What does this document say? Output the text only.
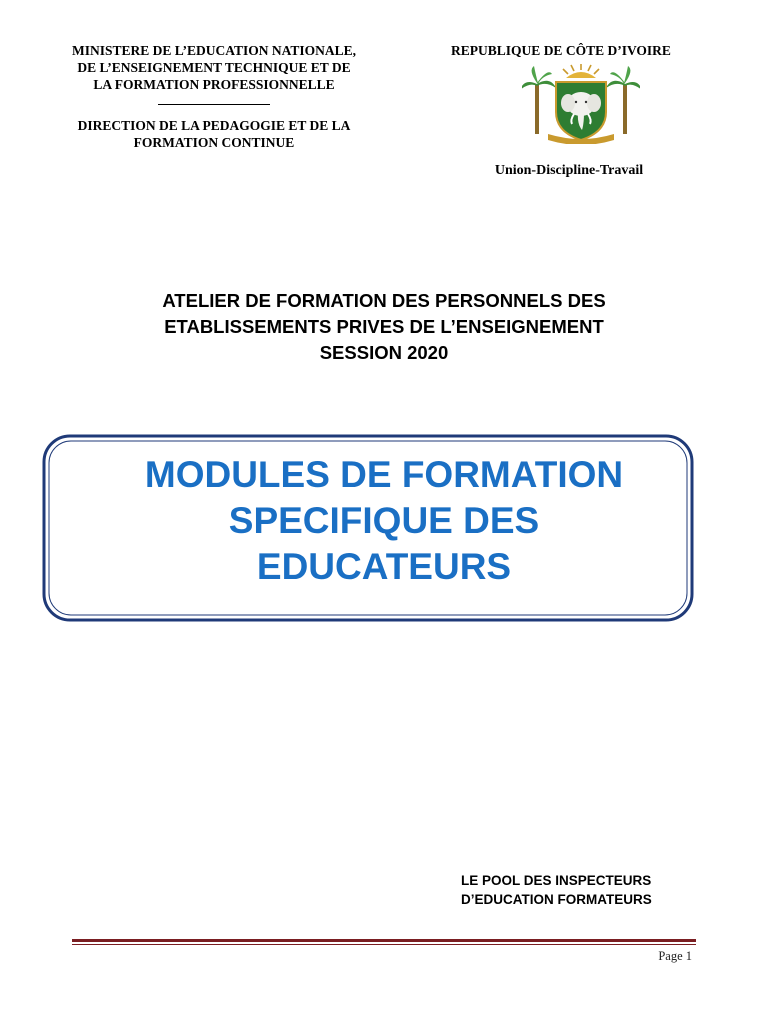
MINISTERE DE L’EDUCATION NATIONALE,
DE L’ENSEIGNEMENT TECHNIQUE ET DE
LA FORMATION PROFESSIONNELLE
DIRECTION DE LA PEDAGOGIE ET DE LA
FORMATION CONTINUE
REPUBLIQUE DE CÔTE D’IVOIRE
Union-Discipline-Travail
ATELIER DE FORMATION DES PERSONNELS DES
ETABLISSEMENTS PRIVES DE L’ENSEIGNEMENT
SESSION 2020
MODULES DE FORMATION
SPECIFIQUE DES
EDUCATEURS
LE POOL DES INSPECTEURS
D’EDUCATION FORMATEURS
Page 1
